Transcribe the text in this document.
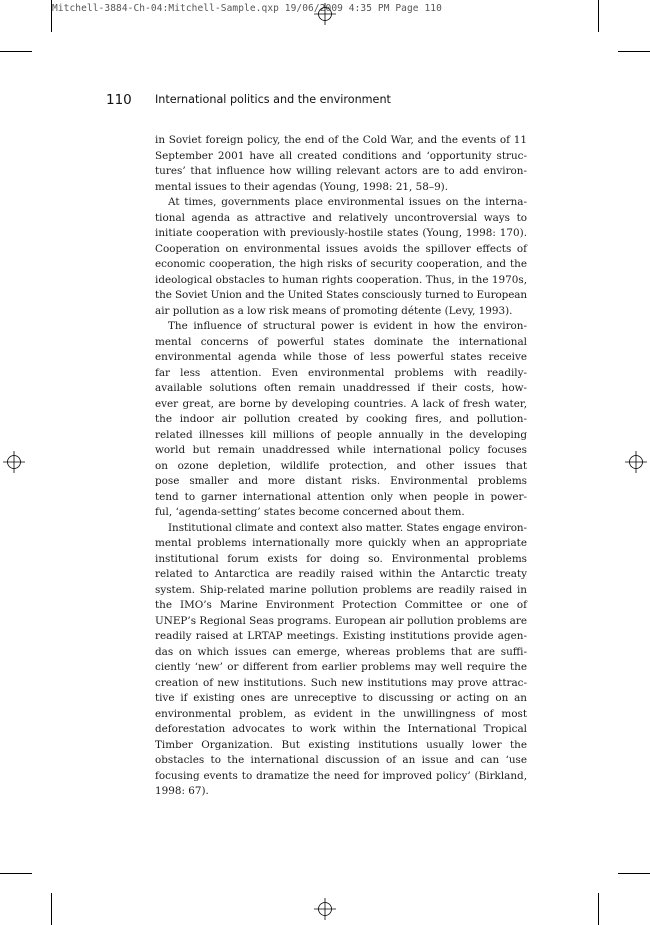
Mitchell-3884-Ch-04:Mitchell-Sample.qxp 19/06/2009 4:35 PM Page 110
110 International politics and the environment
in Soviet foreign policy, the end of the Cold War, and the events of 11
September 2001 have all created conditions and ‘opportunity struc-
tures’ that influence how willing relevant actors are to add environ-
mental issues to their agendas (Young, 1998: 21, 58–9).
At times, governments place environmental issues on the interna-
tional agenda as attractive and relatively uncontroversial ways to
initiate cooperation with previously-hostile states (Young, 1998: 170).
Cooperation on environmental issues avoids the spillover effects of
economic cooperation, the high risks of security cooperation, and the
ideological obstacles to human rights cooperation. Thus, in the 1970s,
the Soviet Union and the United States consciously turned to European
air pollution as a low risk means of promoting détente (Levy, 1993).
The influence of structural power is evident in how the environ-
mental concerns of powerful states dominate the international
environmental agenda while those of less powerful states receive
far less attention. Even environmental problems with readily-
available solutions often remain unaddressed if their costs, how-
ever great, are borne by developing countries. A lack of fresh water,
the indoor air pollution created by cooking fires, and pollution-
related illnesses kill millions of people annually in the developing
world but remain unaddressed while international policy focuses
on ozone depletion, wildlife protection, and other issues that
pose smaller and more distant risks. Environmental problems
tend to garner international attention only when people in power-
ful, ‘agenda-setting’ states become concerned about them.
Institutional climate and context also matter. States engage environ-
mental problems internationally more quickly when an appropriate
institutional forum exists for doing so. Environmental problems
related to Antarctica are readily raised within the Antarctic treaty
system. Ship-related marine pollution problems are readily raised in
the IMO’s Marine Environment Protection Committee or one of
UNEP’s Regional Seas programs. European air pollution problems are
readily raised at LRTAP meetings. Existing institutions provide agen-
das on which issues can emerge, whereas problems that are suffi-
ciently ‘new’ or different from earlier problems may well require the
creation of new institutions. Such new institutions may prove attrac-
tive if existing ones are unreceptive to discussing or acting on an
environmental problem, as evident in the unwillingness of most
deforestation advocates to work within the International Tropical
Timber Organization. But existing institutions usually lower the
obstacles to the international discussion of an issue and can ‘use
focusing events to dramatize the need for improved policy’ (Birkland,
1998: 67).
